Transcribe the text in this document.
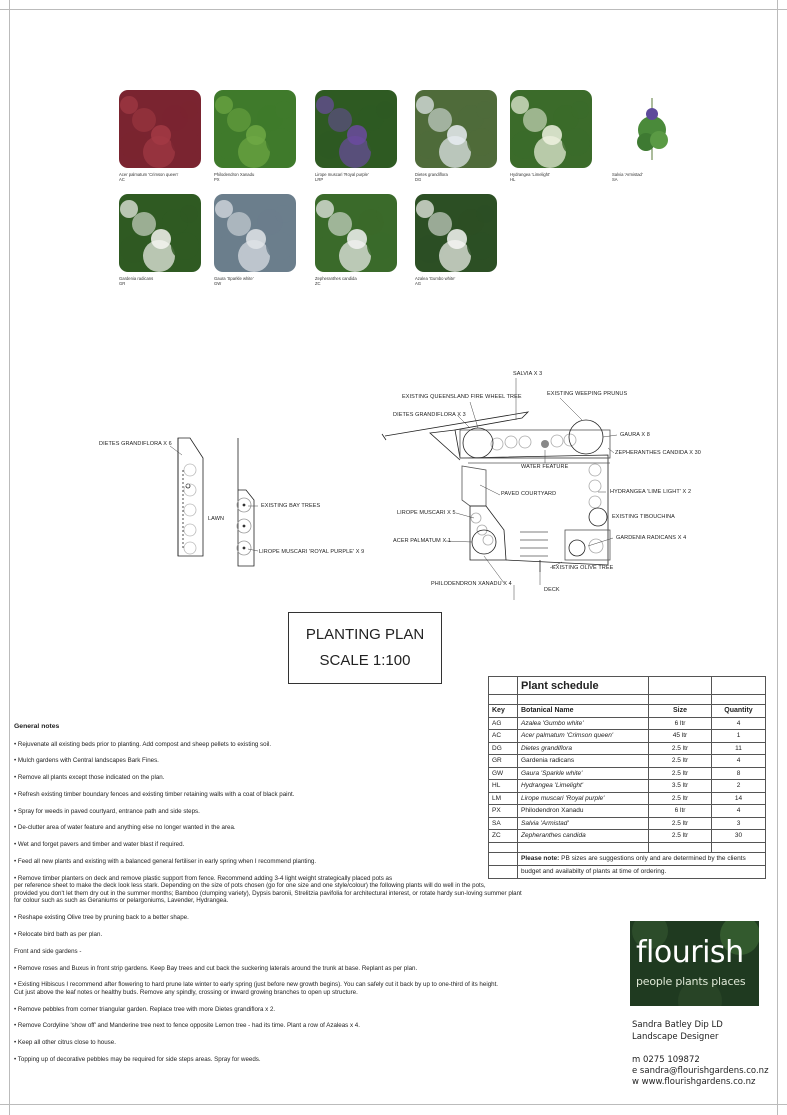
Acer palmatum 'Crimson queen'
AC
Philodendron Xanadu
PX
Lirope muscari 'Royal purple'
LRP
Dietes grandiflora
DG
Hydrangea 'Limelight'
HL
Salvia 'Armistad'
SA
Gardenia radicans
GR
Gaura 'Sparkle white'
GW
Zepheranthes candida
ZC
Azalea 'Gumbo white'
AG
DIETES GRANDIFLORA X 6
LAWN
EXISTING BAY TREES
LIROPE MUSCARI 'ROYAL PURPLE' X 9
SALVIA X 3
EXISTING QUEENSLAND FIRE WHEEL TREE	EXISTING WEEPING PRUNUS
DIETES GRANDIFLORA X 3
GAURA X 8
ZEPHERANTHES CANDIDA X 30
WATER FEATURE
HYDRANGEA 'LIME LIGHT' X 2
PAVED COURTYARD
LIROPE MUSCARI X 5
EXISTING TIBOUCHINA
ACER PALMATUM X 1	GARDENIA RADICANS X 4
EXISTING OLIVE TREE
PHILODENDRON XANADU X 4
DECK
PLANTING PLAN
SCALE 1:100
	Plant schedule		

Key	Botanical Name	Size	Quantity
AG	Azalea 'Gumbo white'	6 ltr	4
AC	Acer palmatum 'Crimson queen'	45 ltr	1
DG	Dietes grandiflora	2.5 ltr	11
GR	Gardenia radicans	2.5 ltr	4
GW	Gaura 'Sparkle white'	2.5 ltr	8
HL	Hydrangea 'Limelight'	3.5 ltr	2
LM	Lirope muscari 'Royal purple'	2.5 ltr	14
PX	Philodendron Xanadu	6 ltr	4
SA	Salvia 'Armistad'	2.5 ltr	3
ZC	Zepheranthes candida	2.5 ltr	30

	Please note: PB sizes are suggestions only and are determined by the clients		
	budget and availabilty of plants at time of ordering.		
General notes
• Rejuvenate all existing beds prior to planting. Add compost and sheep pellets to existing soil.
• Mulch gardens with Central landscapes Bark Fines.
• Remove all plants except those indicated on the plan.
• Refresh existing timber boundary fences and existing timber retaining walls with a coat of black paint.
• Spray for weeds in paved courtyard, entrance path and side steps.
• De-clutter area of water feature and anything else no longer wanted in the area.
• Wet and forget pavers and timber and water blast if required.
• Feed all new plants and existing with a balanced general fertiliser in early spring when I recommend planting.
• Remove timber planters on deck and remove plastic support from fence. Recommend adding 3-4 light weight strategically placed pots as
per reference sheet to make the deck look less stark. Depending on the size of pots chosen (go for one size and one style/colour) the following plants will do well in the pots,
provided you don't let them dry out in the summer months; Bamboo (clumping variety), Dypsis baronii, Strelitzia pavifolia for architectural interest, or rotate hardy sun-loving summer plant
for colour such as such as Geraniums or pelargoniums, Lavender, Hydrangea.
• Reshape existing Olive tree by pruning back to a better shape.
• Relocate bird bath as per plan.
Front and side gardens -
• Remove roses and Buxus in front strip gardens. Keep Bay trees and cut back the suckering laterals around the trunk at base. Replant as per plan.
• Existing Hibiscus I recommend after flowering to hard prune late winter to early spring (just before new growth begins). You can safely cut it back by up to one-third of its height.
Cut just above the leaf notes or healthy buds. Remove any spindly, crossing or inward growing branches to open up structure.
• Remove pebbles from corner triangular garden. Replace tree with more Dietes grandiflora x 2.
• Remove Cordyline 'show off' and Manderine tree next to fence opposite Lemon tree - had its time. Plant a row of Azaleas x 4.
• Keep all other citrus close to house.
• Topping up of decorative pebbles may be required for side steps areas. Spray for weeds.
flourish
people plants places
Sandra Batley Dip LD
Landscape Designer
m 0275 109872
e sandra@flourishgardens.co.nz
w www.flourishgardens.co.nz
